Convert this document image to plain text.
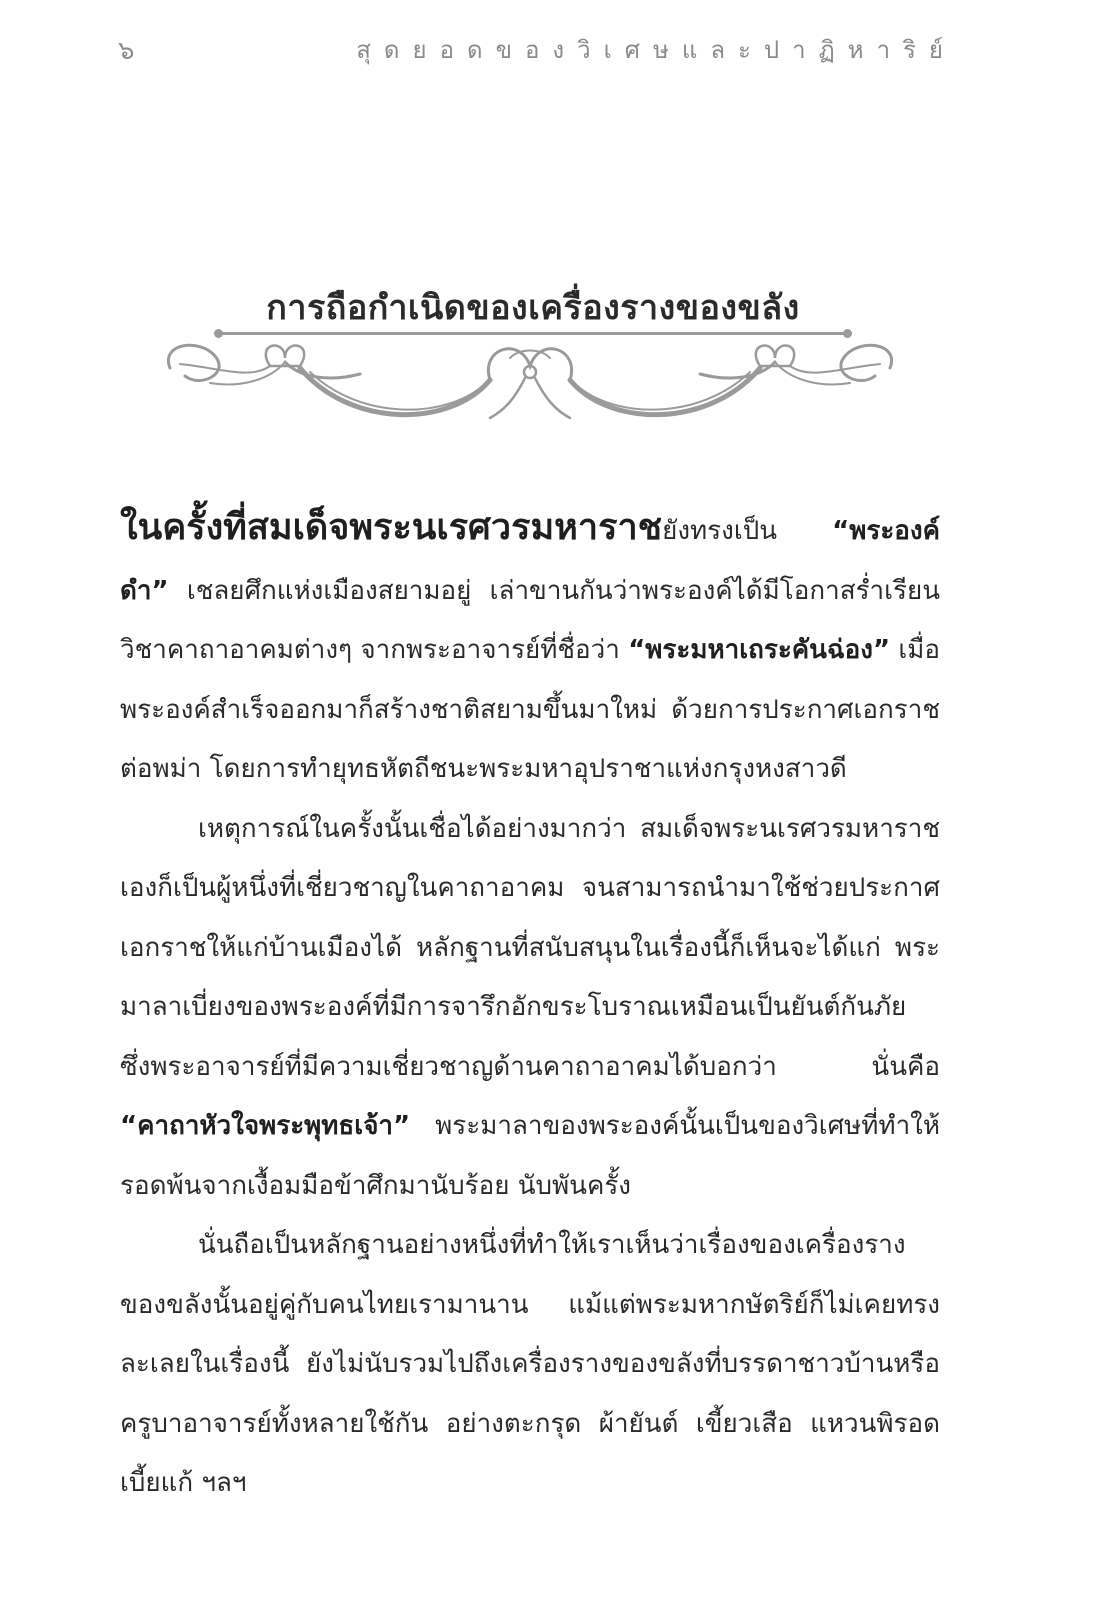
๖	สุดยอดของวิเศษและปาฏิหาริย์
การถือกำเนิดของเครื่องรางของขลัง

ในครั้งที่สมเด็จพระนเรศวรมหาราชยังทรงเป็น “พระองค์ดำ” เชลยศึกแห่งเมืองสยามอยู่ เล่าขานกันว่าพระองค์ได้มีโอกาสร่ำเรียนวิชาคาถาอาคมต่างๆ จากพระอาจารย์ที่ชื่อว่า “พระมหาเถระคันฉ่อง” เมื่อพระองค์สำเร็จออกมาก็สร้างชาติสยามขึ้นมาใหม่ ด้วยการประกาศเอกราชต่อพม่า โดยการทำยุทธหัตถีชนะพระมหาอุปราชาแห่งกรุงหงสาวดี

เหตุการณ์ในครั้งนั้นเชื่อได้อย่างมากว่า สมเด็จพระนเรศวรมหาราชเองก็เป็นผู้หนึ่งที่เชี่ยวชาญในคาถาอาคม จนสามารถนำมาใช้ช่วยประกาศเอกราชให้แก่บ้านเมืองได้ หลักฐานที่สนับสนุนในเรื่องนี้ก็เห็นจะได้แก่ พระมาลาเบี่ยงของพระองค์ที่มีการจารึกอักขระโบราณเหมือนเป็นยันต์กันภัย ซึ่งพระอาจารย์ที่มีความเชี่ยวชาญด้านคาถาอาคมได้บอกว่า นั่นคือ “คาถาหัวใจพระพุทธเจ้า” พระมาลาของพระองค์นั้นเป็นของวิเศษที่ทำให้รอดพ้นจากเงื้อมมือข้าศึกมานับร้อย นับพันครั้ง

นั่นถือเป็นหลักฐานอย่างหนึ่งที่ทำให้เราเห็นว่าเรื่องของเครื่องรางของขลังนั้นอยู่คู่กับคนไทยเรามานาน แม้แต่พระมหากษัตริย์ก็ไม่เคยทรงละเลยในเรื่องนี้ ยังไม่นับรวมไปถึงเครื่องรางของขลังที่บรรดาชาวบ้านหรือครูบาอาจารย์ทั้งหลายใช้กัน อย่างตะกรุด ผ้ายันต์ เขี้ยวเสือ แหวนพิรอด เบี้ยแก้ ฯลฯ
